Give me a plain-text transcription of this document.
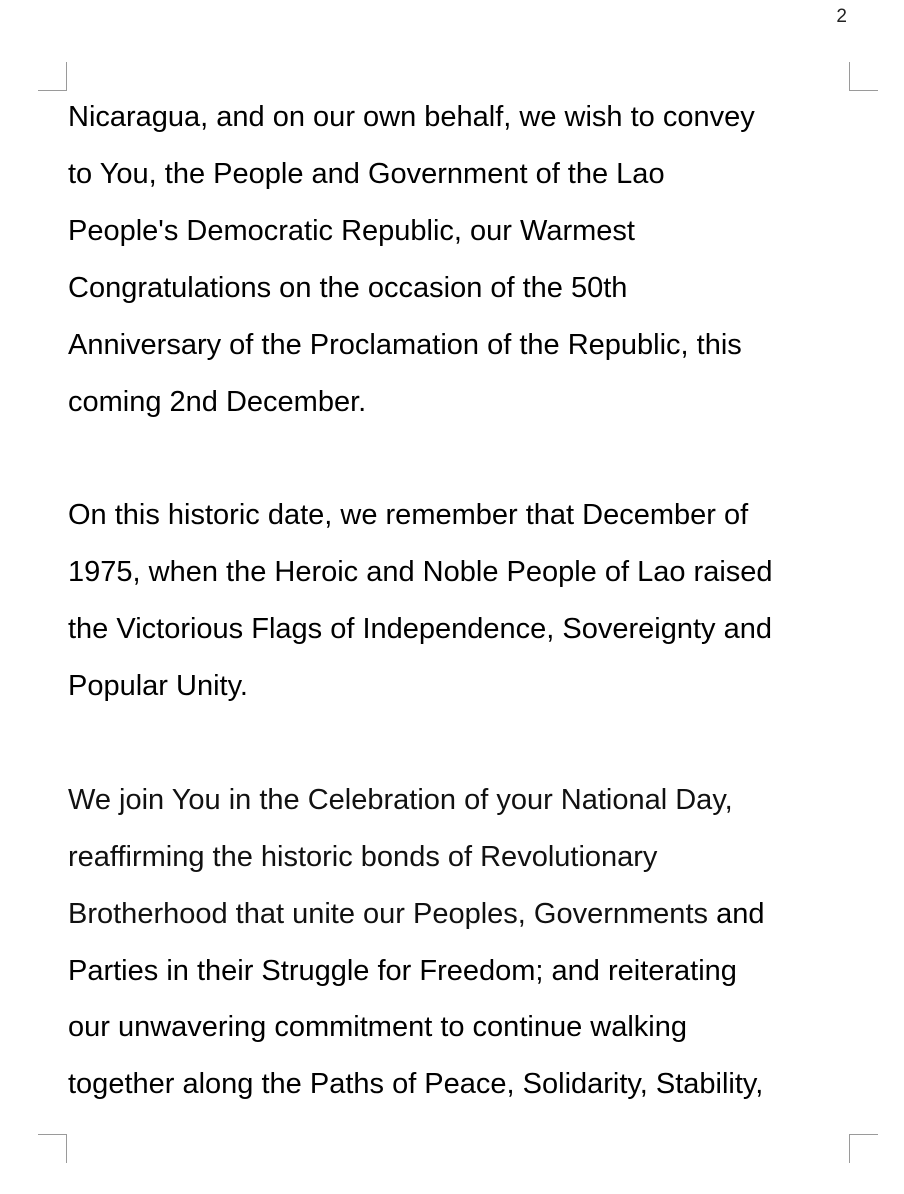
2
Nicaragua, and on our own behalf, we wish to convey
to You, the People and Government of the Lao
People's Democratic Republic, our Warmest
Congratulations on the occasion of the 50th
Anniversary of the Proclamation of the Republic, this
coming 2nd December.
On this historic date, we remember that December of
1975, when the Heroic and Noble People of Lao raised
the Victorious Flags of Independence, Sovereignty and
Popular Unity.
We join You in the Celebration of your National Day,
reaffirming the historic bonds of Revolutionary
Brotherhood that unite our Peoples, Governments and
Parties in their Struggle for Freedom; and reiterating
our unwavering commitment to continue walking
together along the Paths of Peace, Solidarity, Stability,
